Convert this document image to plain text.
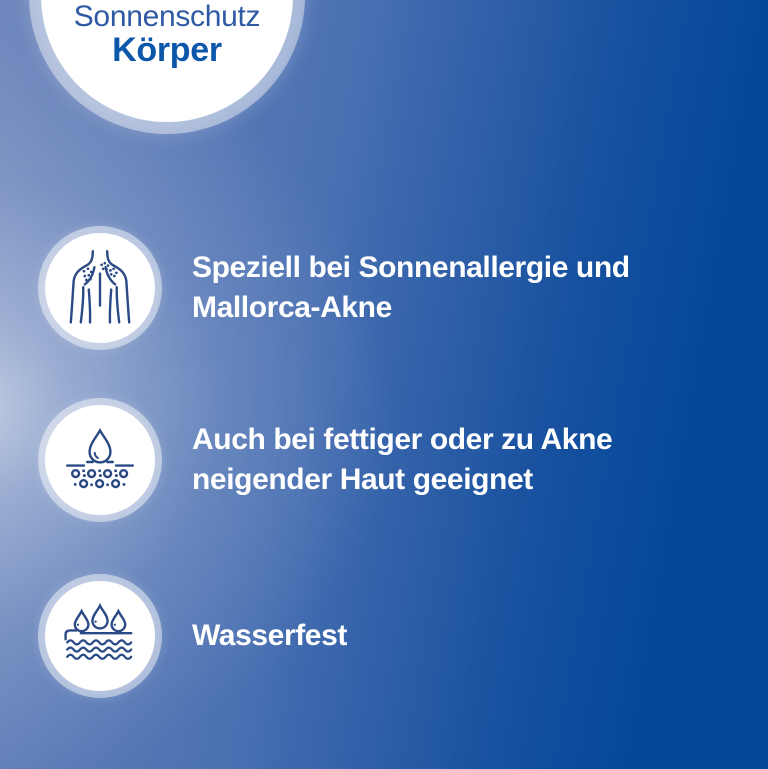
Sonnenschutz
Körper
Speziell bei Sonnenallergie und
Mallorca-Akne
Auch bei fettiger oder zu Akne
neigender Haut geeignet
Wasserfest
